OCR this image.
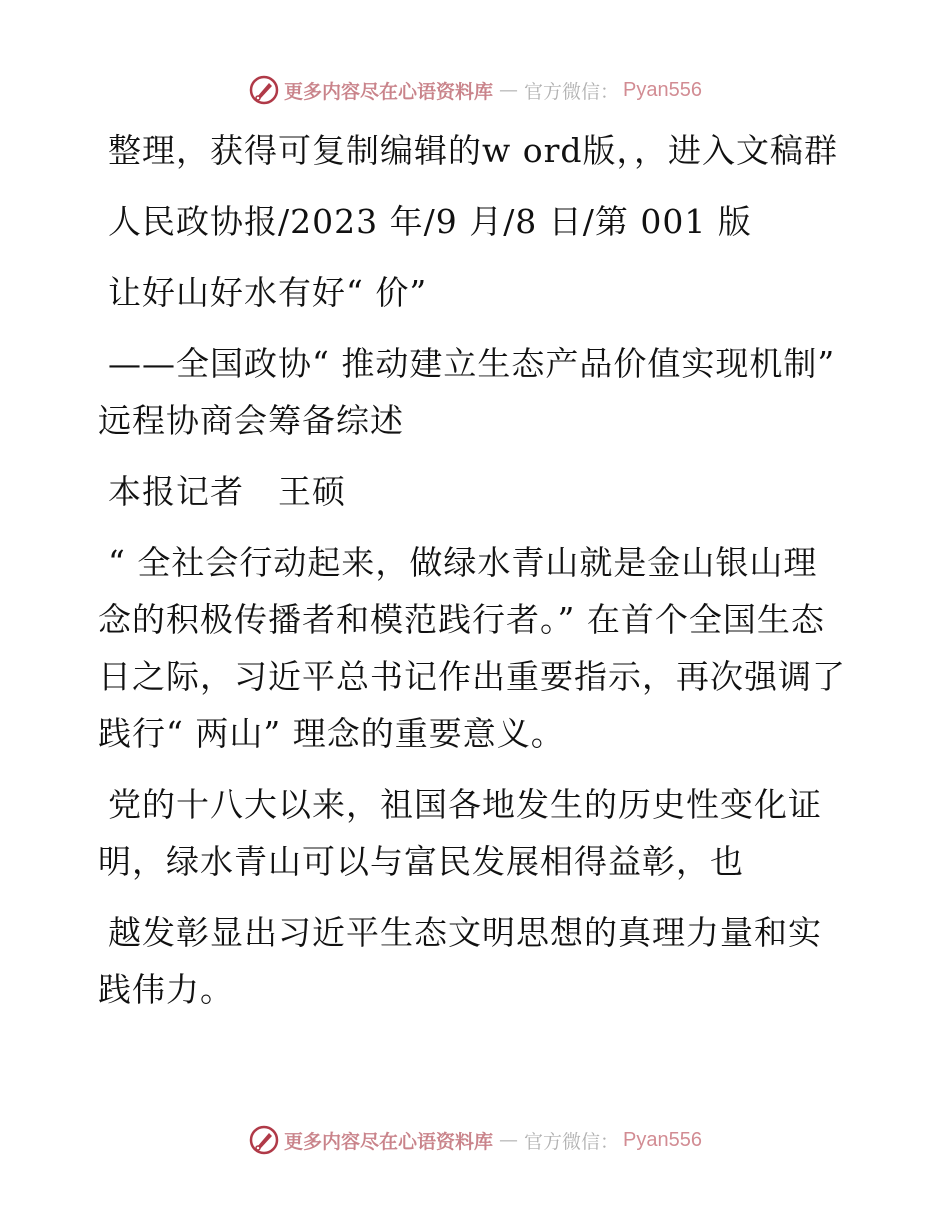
更多内容尽在心语资料库 — 官方微信： Pyan556

整理，获得可复制编辑的w ord版，，进入文稿群

人民政协报/2023 年/9 月/8 日/第 001 版

让好山好水有好“ 价”

——全国政协“ 推动建立生态产品价值实现机制” 远程协商会筹备综述

本报记者　王硕

“ 全社会行动起来，做绿水青山就是金山银山理念的积极传播者和模范践行者。” 在首个全国生态日之际，习近平总书记作出重要指示，再次强调了践行“ 两山” 理念的重要意义。

党的十八大以来，祖国各地发生的历史性变化证明，绿水青山可以与富民发展相得益彰，也

越发彰显出习近平生态文明思想的真理力量和实践伟力。

更多内容尽在心语资料库 — 官方微信： Pyan556
